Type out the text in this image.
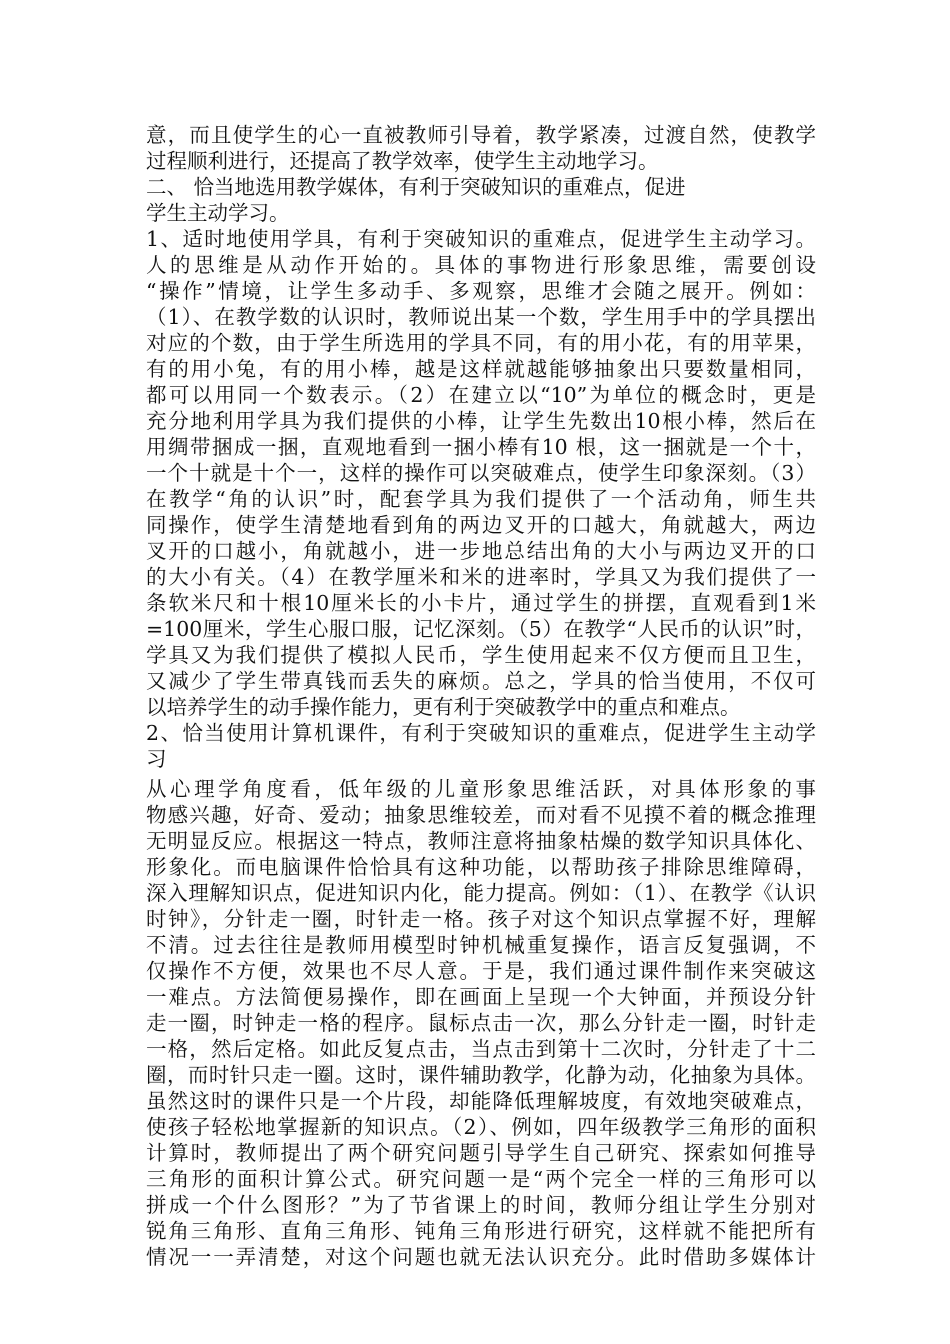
意，而且使学生的心一直被教师引导着，教学紧凑，过渡自然，使教学
过程顺利进行，还提高了教学效率，使学生主动地学习。
二、 恰当地选用教学媒体，有利于突破知识的重难点，促进
学生主动学习。
1、适时地使用学具，有利于突破知识的重难点，促进学生主动学习。
人的思维是从动作开始的。具体的事物进行形象思维，需要创设
“操作”情境，让学生多动手、多观察，思维才会随之展开。例如：
（1）、在教学数的认识时，教师说出某一个数，学生用手中的学具摆出
对应的个数，由于学生所选用的学具不同，有的用小花，有的用苹果，
有的用小兔，有的用小棒，越是这样就越能够抽象出只要数量相同，
都可以用同一个数表示。（2）在建立以“10”为单位的概念时，更是
充分地利用学具为我们提供的小棒，让学生先数出10根小棒，然后在
用绸带捆成一捆，直观地看到一捆小棒有10 根，这一捆就是一个十，
一个十就是十个一，这样的操作可以突破难点，使学生印象深刻。（3）
在教学“角的认识”时，配套学具为我们提供了一个活动角，师生共
同操作，使学生清楚地看到角的两边叉开的口越大，角就越大，两边
叉开的口越小，角就越小，进一步地总结出角的大小与两边叉开的口
的大小有关。（4）在教学厘米和米的进率时，学具又为我们提供了一
条软米尺和十根10厘米长的小卡片，通过学生的拼摆，直观看到1米
=100厘米，学生心服口服，记忆深刻。（5）在教学“人民币的认识”时，
学具又为我们提供了模拟人民币，学生使用起来不仅方便而且卫生，
又减少了学生带真钱而丢失的麻烦。总之，学具的恰当使用，不仅可
以培养学生的动手操作能力，更有利于突破教学中的重点和难点。
2、恰当使用计算机课件，有利于突破知识的重难点，促进学生主动学
习
从心理学角度看，低年级的儿童形象思维活跃，对具体形象的事
物感兴趣，好奇、爱动；抽象思维较差，而对看不见摸不着的概念推理
无明显反应。根据这一特点，教师注意将抽象枯燥的数学知识具体化、
形象化。而电脑课件恰恰具有这种功能，以帮助孩子排除思维障碍，
深入理解知识点，促进知识内化，能力提高。例如：（1）、在教学《认识
时钟》，分针走一圈，时针走一格。孩子对这个知识点掌握不好，理解
不清。过去往往是教师用模型时钟机械重复操作，语言反复强调，不
仅操作不方便，效果也不尽人意。于是，我们通过课件制作来突破这
一难点。方法简便易操作，即在画面上呈现一个大钟面，并预设分针
走一圈，时钟走一格的程序。鼠标点击一次，那么分针走一圈，时针走
一格，然后定格。如此反复点击，当点击到第十二次时，分针走了十二
圈，而时针只走一圈。这时，课件辅助教学，化静为动，化抽象为具体。
虽然这时的课件只是一个片段，却能降低理解坡度，有效地突破难点，
使孩子轻松地掌握新的知识点。（2）、例如，四年级教学三角形的面积
计算时，教师提出了两个研究问题引导学生自己研究、探索如何推导
三角形的面积计算公式。研究问题一是“两个完全一样的三角形可以
拼成一个什么图形？”为了节省课上的时间，教师分组让学生分别对
锐角三角形、直角三角形、钝角三角形进行研究，这样就不能把所有
情况一一弄清楚，对这个问题也就无法认识充分。此时借助多媒体计
